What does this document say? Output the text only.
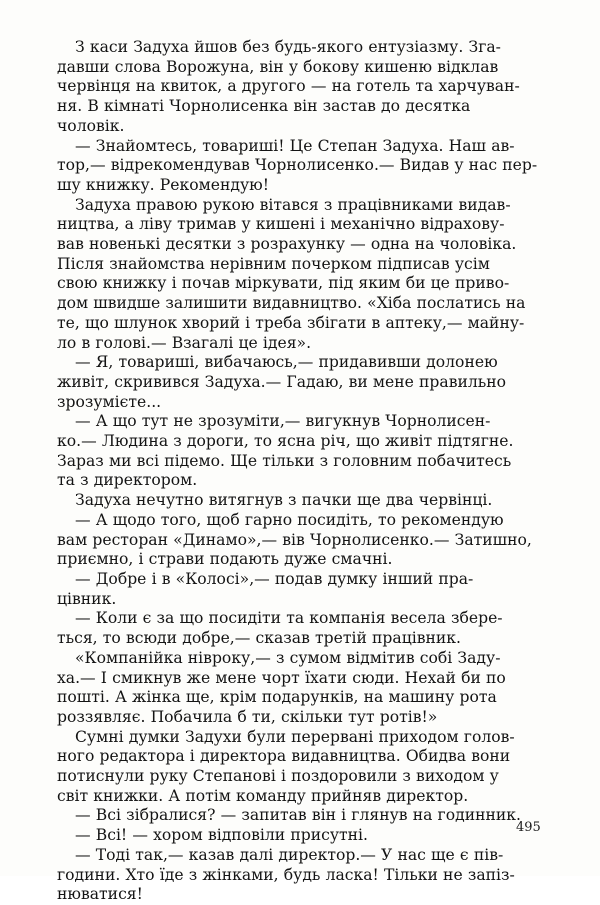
З каси Задуха йшов без будь-якого ентузіазму. Зга-
давши слова Ворожуна, він у бокову кишеню відклав
червінця на квиток, а другого — на готель та харчуван-
ня. В кімнаті Чорнолисенка він застав до десятка
чоловік.

— Знайомтесь, товариші! Це Степан Задуха. Наш ав-
тор,— відрекомендував Чорнолисенко.— Видав у нас пер-
шу книжку. Рекомендую!

Задуха правою рукою вітався з працівниками видав-
ництва, а ліву тримав у кишені і механічно відрахову-
вав новенькі десятки з розрахунку — одна на чоловіка.
Після знайомства нерівним почерком підписав усім
свою книжку і почав міркувати, під яким би це приво-
дом швидше залишити видавництво. «Хіба послатись на
те, що шлунок хворий і треба збігати в аптеку,— майну-
ло в голові.— Взагалі це ідея».

— Я, товариші, вибачаюсь,— придавивши долонею
живіт, скривився Задуха.— Гадаю, ви мене правильно
зрозумієте...

— А що тут не зрозуміти,— вигукнув Чорнолисен-
ко.— Людина з дороги, то ясна річ, що живіт підтягне.
Зараз ми всі підемо. Ще тільки з головним побачитесь
та з директором.

Задуха нечутно витягнув з пачки ще два червінці.

— А щодо того, щоб гарно посидіть, то рекомендую
вам ресторан «Динамо»,— вів Чорнолисенко.— Затишно,
приємно, і страви подають дуже смачні.

— Добре і в «Колосі»,— подав думку інший пра-
цівник.

— Коли є за що посидіти та компанія весела збере-
ться, то всюди добре,— сказав третій працівник.

«Компанійка нівроку,— з сумом відмітив собі Заду-
ха.— І смикнув же мене чорт їхати сюди. Нехай би по
пошті. А жінка ще, крім подарунків, на машину рота
роззявляє. Побачила б ти, скільки тут ротів!»

Сумні думки Задухи були перервані приходом голов-
ного редактора і директора видавництва. Обидва вони
потиснули руку Степанові і поздоровили з виходом у
світ книжки. А потім команду прийняв директор.

— Всі зібралися? — запитав він і глянув на годинник.

— Всі! — хором відповіли присутні.

— Тоді так,— казав далі директор.— У нас ще є пів-
години. Хто їде з жінками, будь ласка! Тільки не запіз-
нюватися!

495
